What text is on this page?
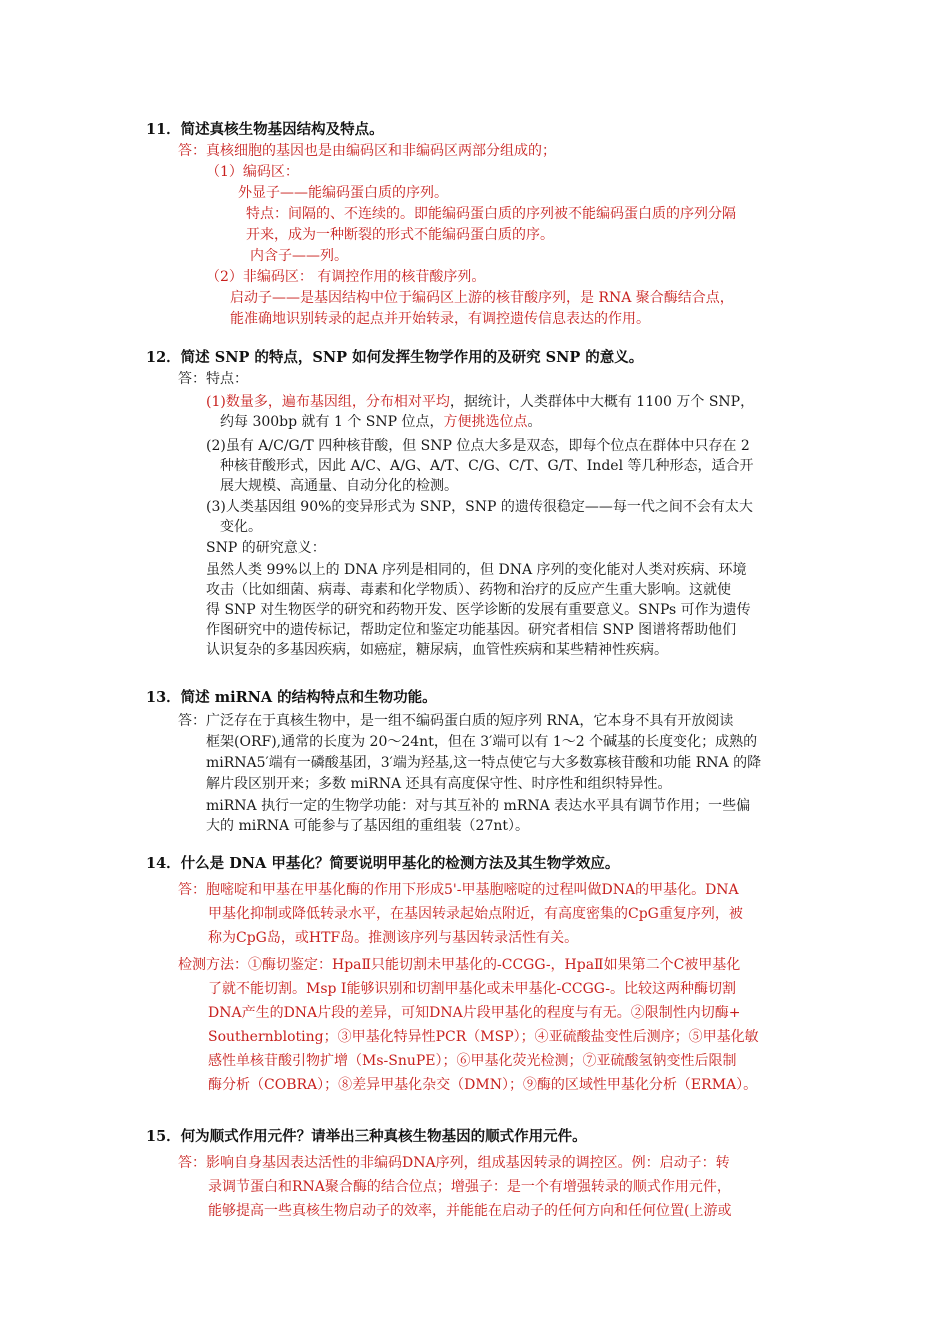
11．简述真核生物基因结构及特点。
答：真核细胞的基因也是由编码区和非编码区两部分组成的；
（1）编码区：
外显子——能编码蛋白质的序列。
特点：间隔的、不连续的。即能编码蛋白质的序列被不能编码蛋白质的序列分隔
开来，成为一种断裂的形式不能编码蛋白质的序。
内含子——列。
（2）非编码区： 有调控作用的核苷酸序列。
启动子——是基因结构中位于编码区上游的核苷酸序列，是 RNA 聚合酶结合点，
能准确地识别转录的起点并开始转录，有调控遗传信息表达的作用。
12．简述 SNP 的特点，SNP 如何发挥生物学作用的及研究 SNP 的意义。
答：特点：
(1)数量多，遍布基因组，分布相对平均，据统计，人类群体中大概有 1100 万个 SNP，
约每 300bp 就有 1 个 SNP 位点，方便挑选位点。
(2)虽有 A/C/G/T 四种核苷酸，但 SNP 位点大多是双态，即每个位点在群体中只存在 2
种核苷酸形式，因此 A/C、A/G、A/T、C/G、C/T、G/T、Indel 等几种形态，适合开
展大规模、高通量、自动分化的检测。
(3)人类基因组 90%的变异形式为 SNP，SNP 的遗传很稳定——每一代之间不会有太大
变化。
SNP 的研究意义：
虽然人类 99%以上的 DNA 序列是相同的，但 DNA 序列的变化能对人类对疾病、环境
攻击（比如细菌、病毒、毒素和化学物质）、药物和治疗的反应产生重大影响。这就使
得 SNP 对生物医学的研究和药物开发、医学诊断的发展有重要意义。SNPs 可作为遗传
作图研究中的遗传标记，帮助定位和鉴定功能基因。研究者相信 SNP 图谱将帮助他们
认识复杂的多基因疾病，如癌症，糖尿病，血管性疾病和某些精神性疾病。
13．简述 miRNA 的结构特点和生物功能。
答：广泛存在于真核生物中，是一组不编码蛋白质的短序列 RNA，它本身不具有开放阅读
框架(ORF),通常的长度为 20～24nt，但在 3′端可以有 1～2 个碱基的长度变化；成熟的
miRNA5′端有一磷酸基团，3′端为羟基,这一特点使它与大多数寡核苷酸和功能 RNA 的降
解片段区别开来；多数 miRNA 还具有高度保守性、时序性和组织特异性。
miRNA 执行一定的生物学功能：对与其互补的 mRNA 表达水平具有调节作用；一些偏
大的 miRNA 可能参与了基因组的重组装（27nt）。
14．什么是 DNA 甲基化？简要说明甲基化的检测方法及其生物学效应。
答：胞嘧啶和甲基在甲基化酶的作用下形成5'-甲基胞嘧啶的过程叫做DNA的甲基化。DNA
甲基化抑制或降低转录水平，在基因转录起始点附近，有高度密集的CpG重复序列，被
称为CpG岛，或HTF岛。推测该序列与基因转录活性有关。
检测方法：①酶切鉴定：HpaⅡ只能切割未甲基化的-CCGG-，HpaⅡ如果第二个C被甲基化
了就不能切割。Msp Ⅰ能够识别和切割甲基化或未甲基化-CCGG-。比较这两种酶切割
DNA产生的DNA片段的差异，可知DNA片段甲基化的程度与有无。②限制性内切酶+
Southernbloting；③甲基化特异性PCR（MSP）；④亚硫酸盐变性后测序；⑤甲基化敏
感性单核苷酸引物扩增（Ms-SnuPE）；⑥甲基化荧光检测；⑦亚硫酸氢钠变性后限制
酶分析（COBRA）；⑧差异甲基化杂交（DMN）；⑨酶的区域性甲基化分析（ERMA）。
15．何为顺式作用元件？请举出三种真核生物基因的顺式作用元件。
答：影响自身基因表达活性的非编码DNA序列，组成基因转录的调控区。例：启动子：转
录调节蛋白和RNA聚合酶的结合位点；增强子：是一个有增强转录的顺式作用元件，
能够提高一些真核生物启动子的效率，并能能在启动子的任何方向和任何位置(上游或
